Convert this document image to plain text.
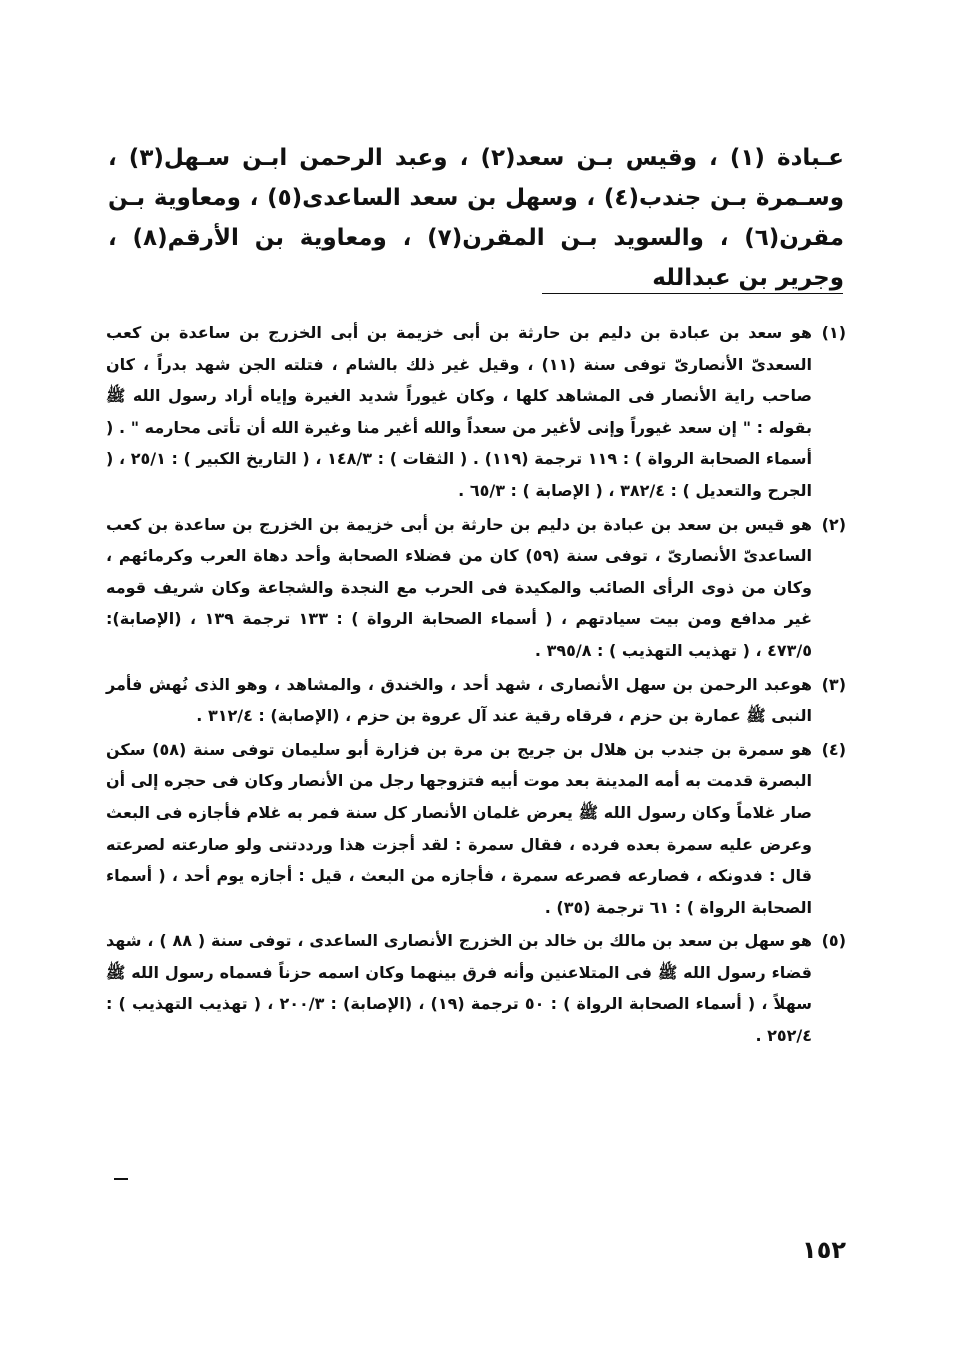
عـبادة (١) ، وقيس بـن سعد(٢) ، وعبد الرحمن ابـن سـهل(٣) ، وسـمرة بـن جندب(٤) ، وسهل بن سعد الساعدى(٥) ، ومعاوية بـن مقرن(٦) ، والسويد بـن المقرن(٧) ، ومعاوية بن الأرقم(٨) ، وجرير بن عبدالله

(١)
هو سعد بن عبادة بن دليم بن حارثة بن أبى خزيمة بن أبى الخزرج بن ساعدة بن كعب السعدىّ الأنصارىّ توفى سنة (١١) ، وقيل غير ذلك بالشام ، فتلته الجن شهد بدراً ، كان صاحب راية الأنصار فى المشاهد كلها ، وكان غيوراً شديد الغيرة وإياه أراد رسول الله ﷺ بقوله : " إن سعد غيوراً وإنى لأغير من سعداً والله أغير منا وغيرة الله أن تأتى محارمه " . ( أسماء الصحابة الرواة ) : ١١٩ ترجمة (١١٩) . ( الثقات ) : ١٤٨/٣ ، ( التاريخ الكبير ) : ٢٥/١ ، ( الجرح والتعديل ) : ٣٨٢/٤ ، ( الإصابة ) : ٦٥/٣ .

(٢)
هو قيس بن سعد بن عبادة بن دليم بن حارثة بن أبى خزيمة بن الخزرج بن ساعدة بن كعب الساعدىّ الأنصارىّ ، توفى سنة (٥٩) كان من فضلاء الصحابة وأحد دهاة العرب وكرمائهم ، وكان من ذوى الرأى الصائب والمكيدة فى الحرب مع النجدة والشجاعة وكان شريف قومه غير مدافع ومن بيت سيادتهم ، ( أسماء الصحابة الرواة ) : ١٣٣ ترجمة ١٣٩ ، (الإصابة): ٤٧٣/٥ ، ( تهذيب التهذيب ) : ٣٩٥/٨ .

(٣)
هوعبد الرحمن بن سهل الأنصارى ، شهد أحد ، والخندق ، والمشاهد ، وهو الذى نُهش فأمر النبى ﷺ عمارة بن حزم ، فرقاه رقية عند آل عروة بن حزم ، (الإصابة) : ٣١٢/٤ .

(٤)
هو سمرة بن جندب بن هلال بن جريج بن مرة بن فزارة أبو سليمان توفى سنة (٥٨) سكن البصرة قدمت به أمه المدينة بعد موت أبيه فتزوجها رجل من الأنصار وكان فى حجره إلى أن صار غلاماً وكان رسول الله ﷺ يعرض غلمان الأنصار كل سنة فمر به غلام فأجازه فى البعث وعرض عليه سمرة بعده فرده ، فقال سمرة : لقد أجزت هذا ورددتنى ولو صارعته لصرعته قال : فدونكه ، فصارعه فصرعه سمرة ، فأجازه من البعث ، قيل : أجازه يوم أحد ، ( أسماء الصحابة الرواة ) : ٦١ ترجمة (٣٥) .

(٥)
هو سهل بن سعد بن مالك بن خالد بن الخزرج الأنصارى الساعدى ، توفى سنة ( ٨٨ ) ، شهد قضاء رسول الله ﷺ فى المتلاعنين وأنه فرق بينهما وكان اسمه حزناً فسماه رسول الله ﷺ سهلاً ، ( أسماء الصحابة الرواة ) : ٥٠ ترجمة (١٩) ، (الإصابة) : ٢٠٠/٣ ، ( تهذيب التهذيب ) : ٢٥٢/٤ .

١٥٢
